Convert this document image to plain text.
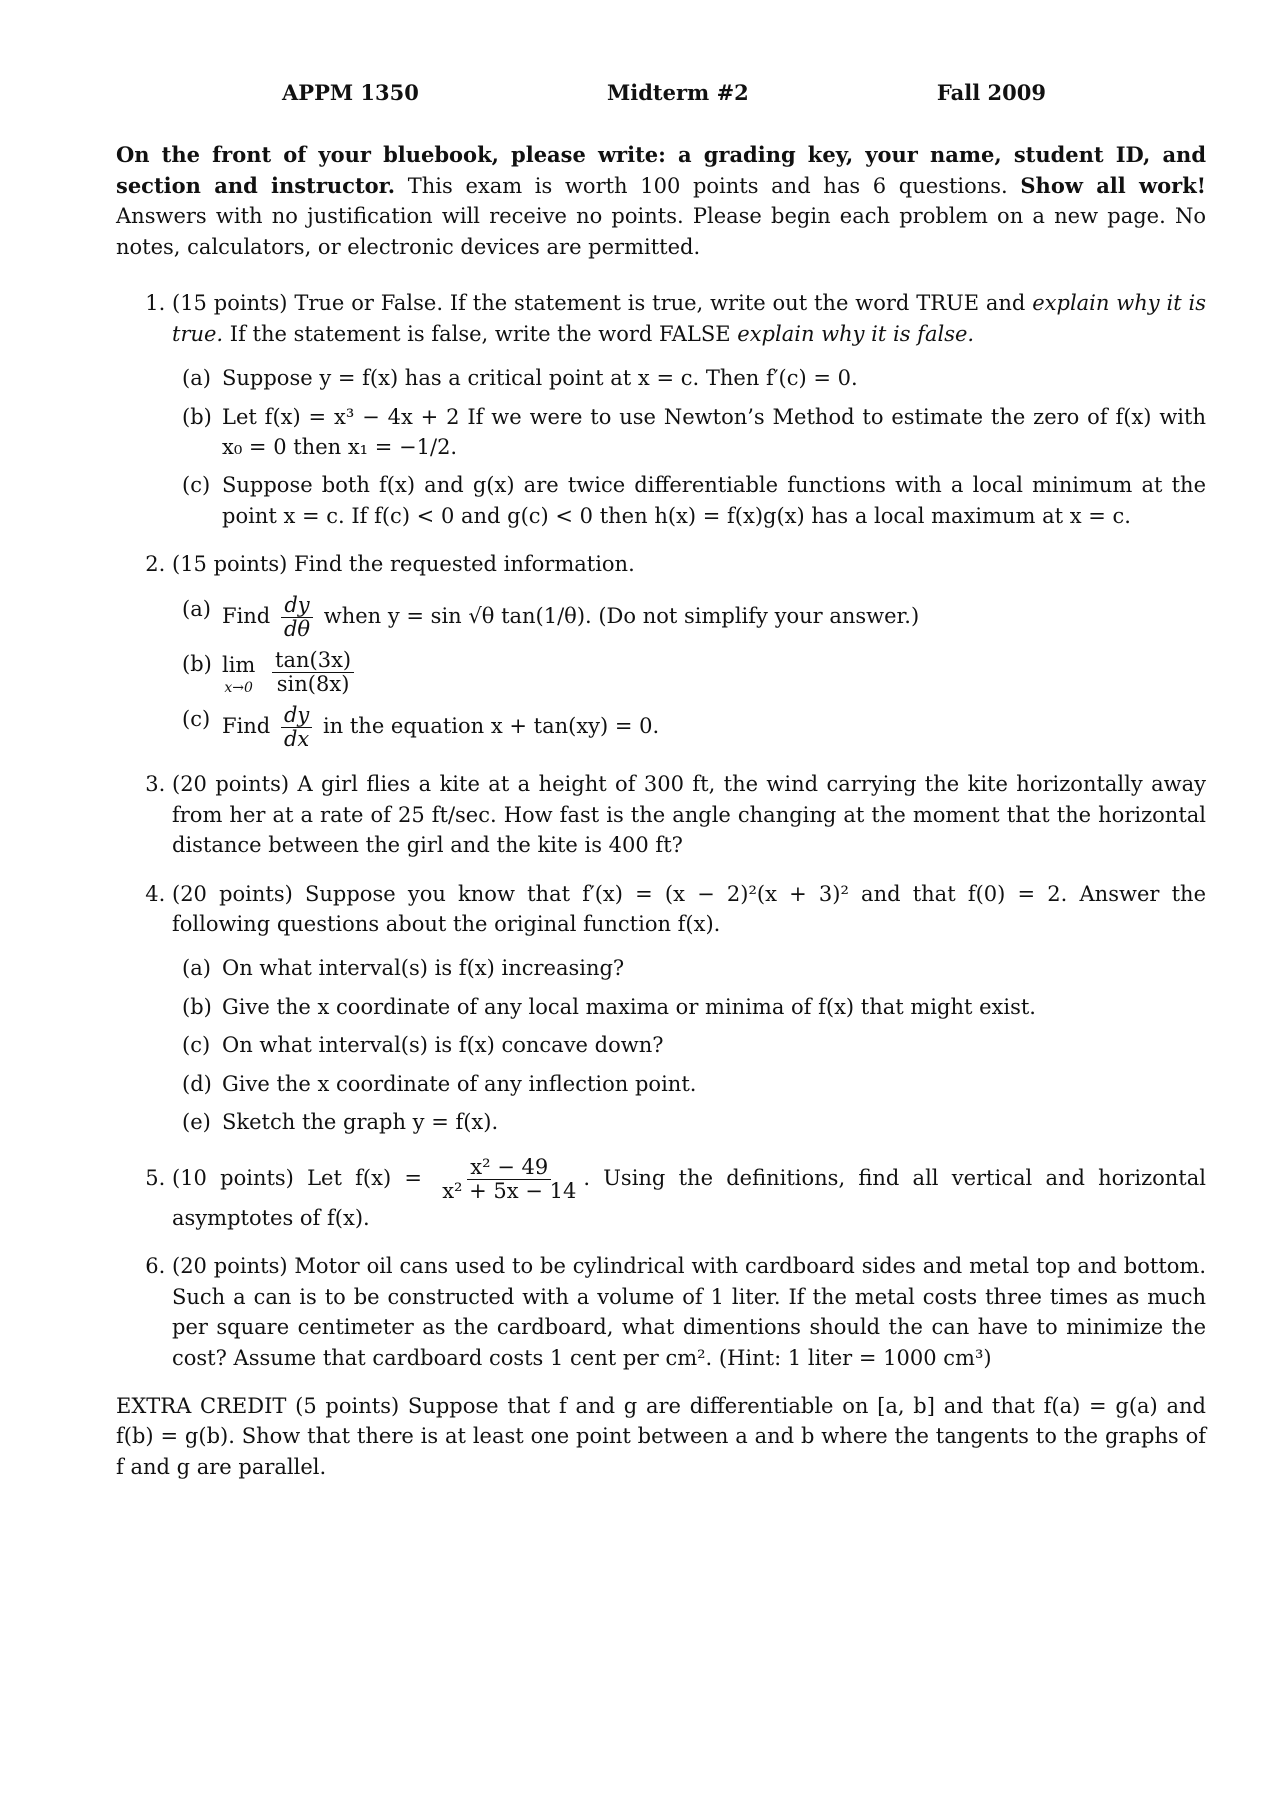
APPM 1350	Midterm #2	Fall 2009
On the front of your bluebook, please write: a grading key, your name, student ID, and section and instructor. This exam is worth 100 points and has 6 questions. Show all work! Answers with no justification will receive no points. Please begin each problem on a new page. No notes, calculators, or electronic devices are permitted.
1. (15 points) True or False. If the statement is true, write out the word TRUE and explain why it is true. If the statement is false, write the word FALSE explain why it is false.
(a) Suppose y = f(x) has a critical point at x = c. Then f′(c) = 0.
(b) Let f(x) = x³ − 4x + 2 If we were to use Newton’s Method to estimate the zero of f(x) with x₀ = 0 then x₁ = −1/2.
(c) Suppose both f(x) and g(x) are twice differentiable functions with a local minimum at the point x = c. If f(c) < 0 and g(c) < 0 then h(x) = f(x)g(x) has a local maximum at x = c.
2. (15 points) Find the requested information.
(a) Find $\frac{dy}{d\theta}$ when y = sin √θ tan(1/θ). (Do not simplify your answer.)
(b) lim
x→0
$\frac{\tan(3x)}{\sin(8x)}$
(c) Find $\frac{dy}{dx}$ in the equation x + tan(xy) = 0.
3. (20 points) A girl flies a kite at a height of 300 ft, the wind carrying the kite horizontally away from her at a rate of 25 ft/sec. How fast is the angle changing at the moment that the horizontal distance between the girl and the kite is 400 ft?
4. (20 points) Suppose you know that f′(x) = (x − 2)²(x + 3)² and that f(0) = 2. Answer the following questions about the original function f(x).
(a) On what interval(s) is f(x) increasing?
(b) Give the x coordinate of any local maxima or minima of f(x) that might exist.
(c) On what interval(s) is f(x) concave down?
(d) Give the x coordinate of any inflection point.
(e) Sketch the graph y = f(x).
5. (10 points) Let $f(x) = \frac{\text{x² − 49}}{\text{x² + 5x − 14}}$ . Using the definitions, find all vertical and horizontal asymptotes of f(x).
6. (20 points) Motor oil cans used to be cylindrical with cardboard sides and metal top and bottom. Such a can is to be constructed with a volume of 1 liter. If the metal costs three times as much per square centimeter as the cardboard, what dimentions should the can have to minimize the cost? Assume that cardboard costs 1 cent per cm². (Hint: 1 liter = 1000 cm³)
EXTRA CREDIT (5 points) Suppose that f and g are differentiable on [a, b] and that f(a) = g(a) and f(b) = g(b). Show that there is at least one point between a and b where the tangents to the graphs of f and g are parallel.
